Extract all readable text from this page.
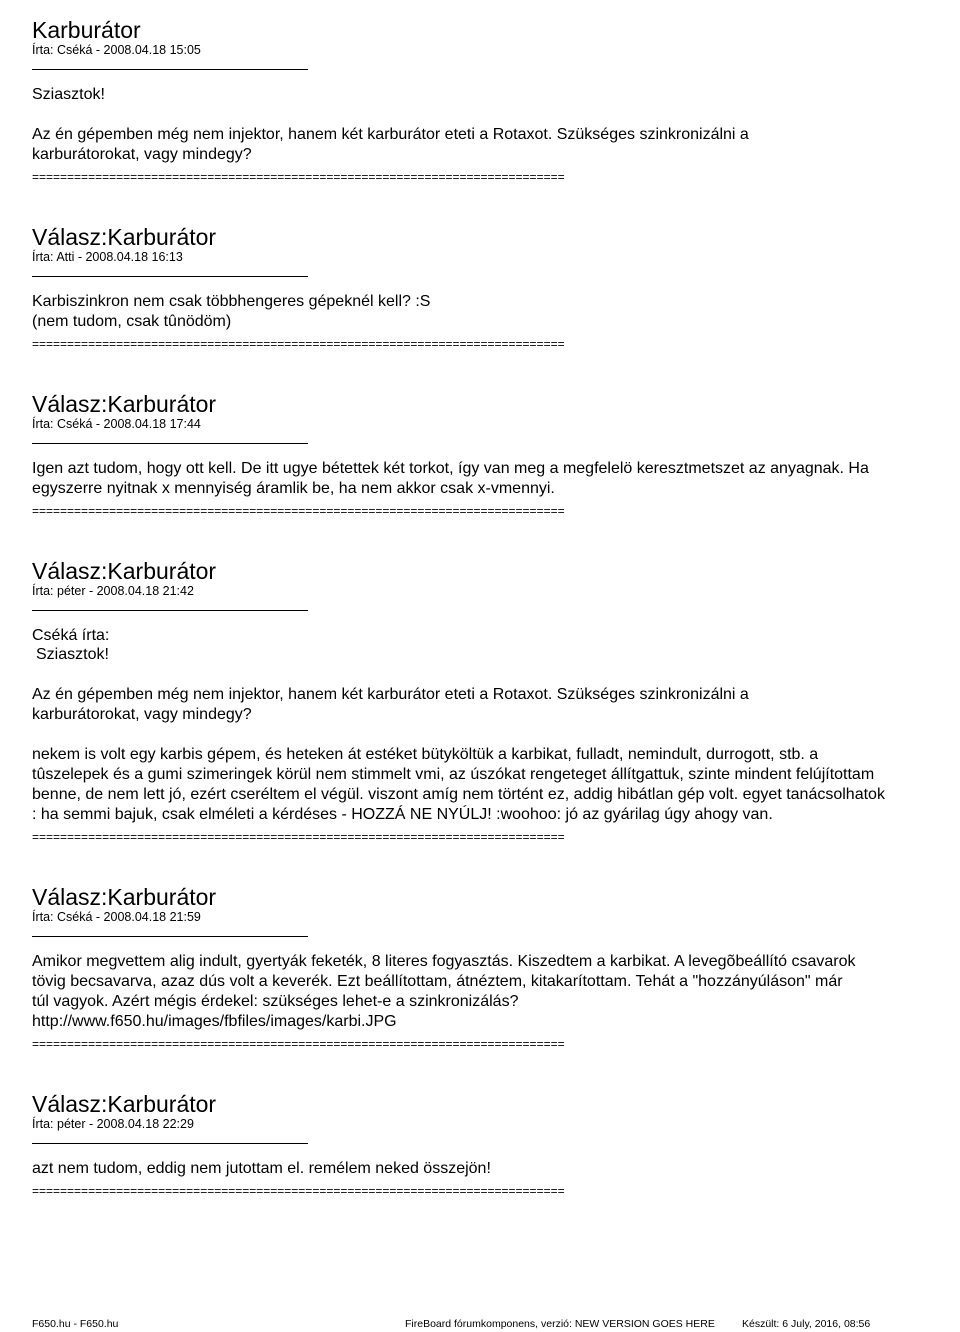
Karburátor
Írta: Cséká - 2008.04.18 15:05
Sziasztok!
Az én gépemben még nem injektor, hanem két karburátor eteti a Rotaxot. Szükséges szinkronizálni a
karburátorokat, vagy mindegy?
============================================================================
Válasz:Karburátor
Írta: Atti - 2008.04.18 16:13
Karbiszinkron nem csak többhengeres gépeknél kell? :S
(nem tudom, csak tûnödöm)
============================================================================
Válasz:Karburátor
Írta: Cséká - 2008.04.18 17:44
Igen azt tudom, hogy ott kell. De itt ugye bétettek két torkot, így van meg a megfelelö keresztmetszet az anyagnak. Ha
egyszerre nyitnak x mennyiség áramlik be, ha nem akkor csak x-vmennyi.
============================================================================
Válasz:Karburátor
Írta: péter - 2008.04.18 21:42
Cséká írta:
Sziasztok!
Az én gépemben még nem injektor, hanem két karburátor eteti a Rotaxot. Szükséges szinkronizálni a
karburátorokat, vagy mindegy?
nekem is volt egy karbis gépem, és heteken át estéket bütyköltük a karbikat, fulladt, nemindult, durrogott, stb. a
tûszelepek és a gumi szimeringek körül nem stimmelt vmi, az úszókat rengeteget állítgattuk, szinte mindent felújítottam
benne, de nem lett jó, ezért cseréltem el végül. viszont amíg nem történt ez, addig hibátlan gép volt. egyet tanácsolhatok
: ha semmi bajuk, csak elméleti a kérdéses - HOZZÁ NE NYÚLJ! :woohoo: jó az gyárilag úgy ahogy van.
============================================================================
Válasz:Karburátor
Írta: Cséká - 2008.04.18 21:59
Amikor megvettem alig indult, gyertyák feketék, 8 literes fogyasztás. Kiszedtem a karbikat. A levegõbeállító csavarok
tövig becsavarva, azaz dús volt a keverék. Ezt beállítottam, átnéztem, kitakarítottam. Tehát a "hozzányúláson" már
túl vagyok. Azért mégis érdekel: szükséges lehet-e a szinkronizálás?
http://www.f650.hu/images/fbfiles/images/karbi.JPG
============================================================================
Válasz:Karburátor
Írta: péter - 2008.04.18 22:29
azt nem tudom, eddig nem jutottam el. remélem neked összejön!
============================================================================
F650.hu - F650.hu	FireBoard fórumkomponens, verzió: NEW VERSION GOES HERE	Készült: 6 July, 2016, 08:56
